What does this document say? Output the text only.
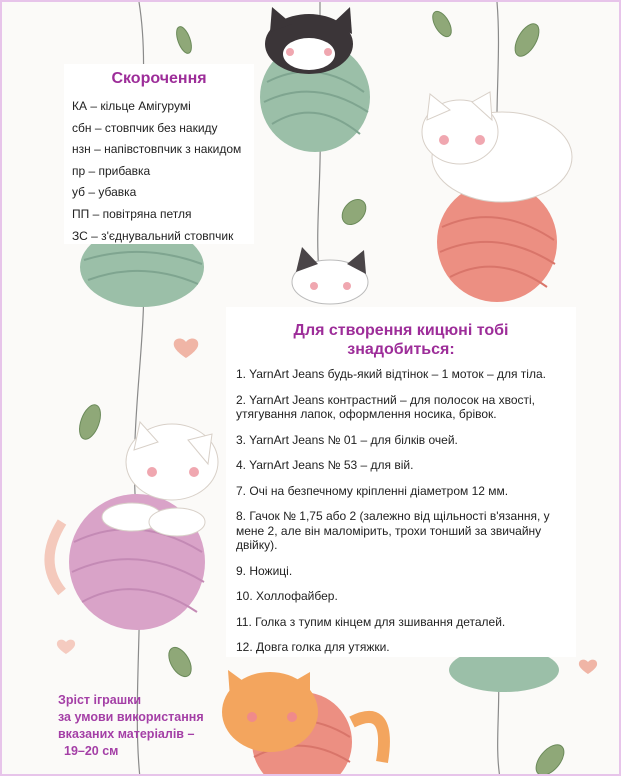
Скорочення
КА – кільце Амігурумі
сбн – стовпчик без накиду
нзн – напівстовпчик з накидом
пр – прибавка
уб – убавка
ПП – повітряна петля
ЗС – з'єднувальний стовпчик
Для створення кицюні тобі
знадобиться:
1. YarnArt Jeans будь-який відтінок – 1 моток – для тіла.
2. YarnArt Jeans контрастний – для полосок на хвості, утягування лапок, оформлення носика, брівок.
3. YarnArt Jeans № 01 – для білків очей.
4. YarnArt Jeans № 53 – для вій.
7. Очі на безпечному кріпленні діаметром 12 мм.
8. Гачок № 1,75 або 2 (залежно від щільності в'язання, у мене 2, але він маломірить, трохи тонший за звичайну двійку).
9. Ножиці.
10. Холлофайбер.
11. Голка з тупим кінцем для зшивання деталей.
12. Довга голка для утяжки.
Зріст іграшки
за умови використання
вказаних матеріалів –
19–20 см
